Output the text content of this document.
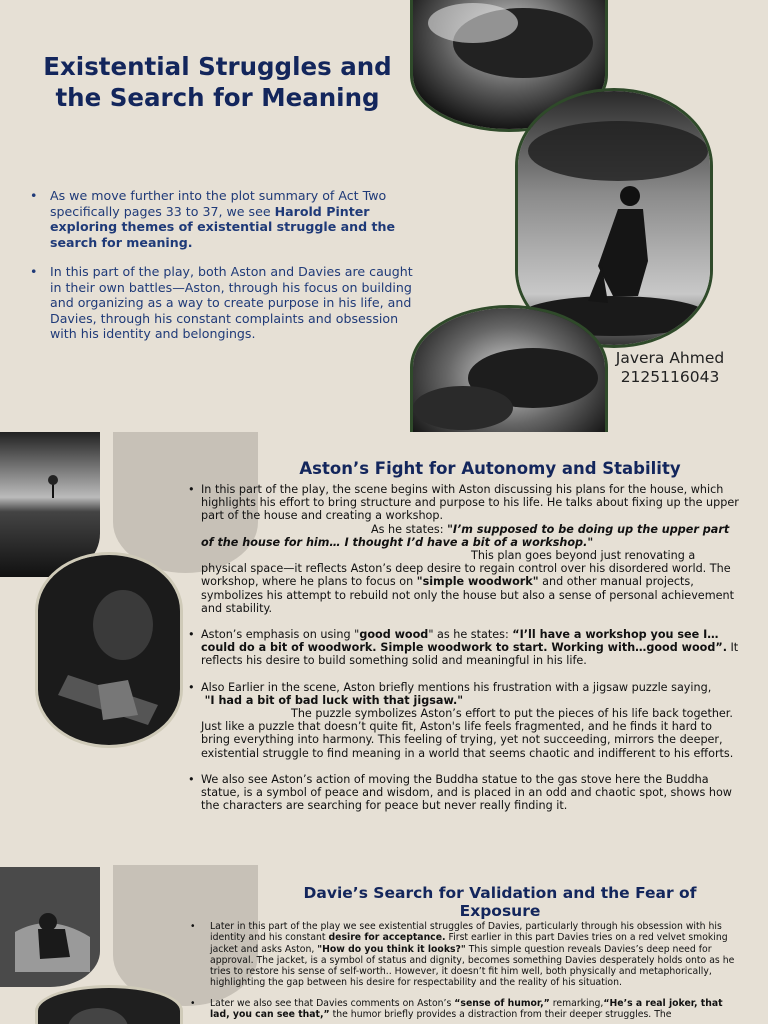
Existential Struggles and the Search for Meaning
• As we move further into the plot summary of Act Two specifically pages 33 to 37, we see Harold Pinter exploring themes of existential struggle and the search for meaning.
• In this part of the play, both Aston and Davies are caught in their own battles—Aston, through his focus on building and organizing as a way to create purpose in his life, and Davies, through his constant complaints and obsession with his identity and belongings.
Javera Ahmed
2125116043
Aston’s Fight for Autonomy and Stability
• In this part of the play, the scene begins with Aston discussing his plans for the house, which highlights his effort to bring structure and purpose to his life. He talks about fixing up the upper part of the house and creating a workshop.
As he states: "I’m supposed to be doing up the upper part of the house for him… I thought I’d have a bit of a workshop."
This plan goes beyond just renovating a physical space—it reflects Aston’s deep desire to regain control over his disordered world. The workshop, where he plans to focus on "simple woodwork" and other manual projects, symbolizes his attempt to rebuild not only the house but also a sense of personal achievement and stability.
• Aston’s emphasis on using "good wood" as he states: “I’ll have a workshop you see I… could do a bit of woodwork. Simple woodwork to start. Working with…good wood”. It reflects his desire to build something solid and meaningful in his life.
• Also Earlier in the scene, Aston briefly mentions his frustration with a jigsaw puzzle saying,
"I had a bit of bad luck with that jigsaw."
The puzzle symbolizes Aston’s effort to put the pieces of his life back together. Just like a puzzle that doesn’t quite fit, Aston's life feels fragmented, and he finds it hard to bring everything into harmony. This feeling of trying, yet not succeeding, mirrors the deeper, existential struggle to find meaning in a world that seems chaotic and indifferent to his efforts.
• We also see Aston’s action of moving the Buddha statue to the gas stove here the Buddha statue, is a symbol of peace and wisdom, and is placed in an odd and chaotic spot, shows how the characters are searching for peace but never really finding it.
Davie’s Search for Validation and the Fear of Exposure
• Later in this part of the play we see existential struggles of Davies, particularly through his obsession with his identity and his constant desire for acceptance. First earlier in this part Davies tries on a red velvet smoking jacket and asks Aston, "How do you think it looks?" This simple question reveals Davies’s deep need for approval. The jacket, is a symbol of status and dignity, becomes something Davies desperately holds onto as he tries to restore his sense of self-worth.. However, it doesn’t fit him well, both physically and metaphorically, highlighting the gap between his desire for respectability and the reality of his situation.
• Later we also see that Davies comments on Aston’s “sense of humor,” remarking,“He’s a real joker, that lad, you can see that,” the humor briefly provides a distraction from their deeper struggles. The
